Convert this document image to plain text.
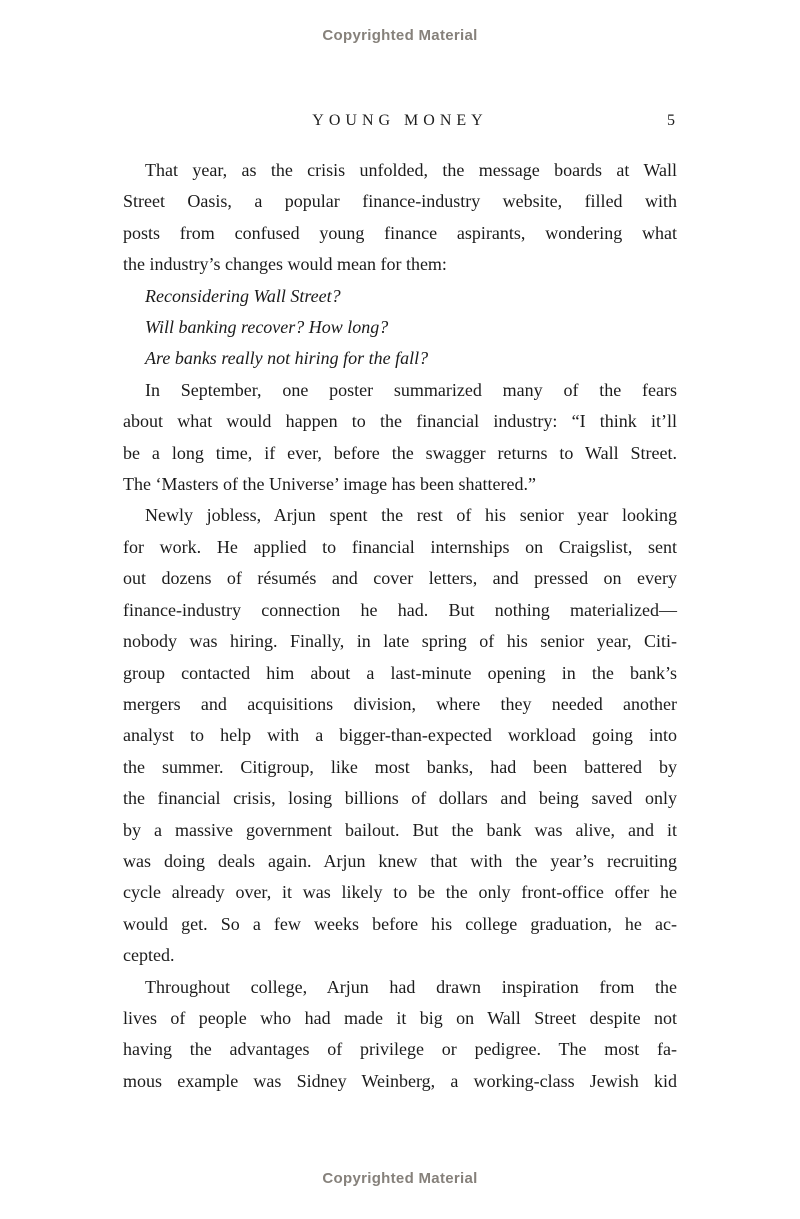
Copyrighted Material
YOUNG MONEY	5
That year, as the crisis unfolded, the message boards at Wall
Street Oasis, a popular finance-industry website, filled with
posts from confused young finance aspirants, wondering what
the industry’s changes would mean for them:
Reconsidering Wall Street?
Will banking recover? How long?
Are banks really not hiring for the fall?
In September, one poster summarized many of the fears
about what would happen to the financial industry: “I think it’ll
be a long time, if ever, before the swagger returns to Wall Street.
The ‘Masters of the Universe’ image has been shattered.”
Newly jobless, Arjun spent the rest of his senior year looking
for work. He applied to financial internships on Craigslist, sent
out dozens of résumés and cover letters, and pressed on every
finance-industry connection he had. But nothing materialized—
nobody was hiring. Finally, in late spring of his senior year, Citi-
group contacted him about a last-minute opening in the bank’s
mergers and acquisitions division, where they needed another
analyst to help with a bigger-than-expected workload going into
the summer. Citigroup, like most banks, had been battered by
the financial crisis, losing billions of dollars and being saved only
by a massive government bailout. But the bank was alive, and it
was doing deals again. Arjun knew that with the year’s recruiting
cycle already over, it was likely to be the only front-office offer he
would get. So a few weeks before his college graduation, he ac-
cepted.
Throughout college, Arjun had drawn inspiration from the
lives of people who had made it big on Wall Street despite not
having the advantages of privilege or pedigree. The most fa-
mous example was Sidney Weinberg, a working-class Jewish kid
Copyrighted Material
